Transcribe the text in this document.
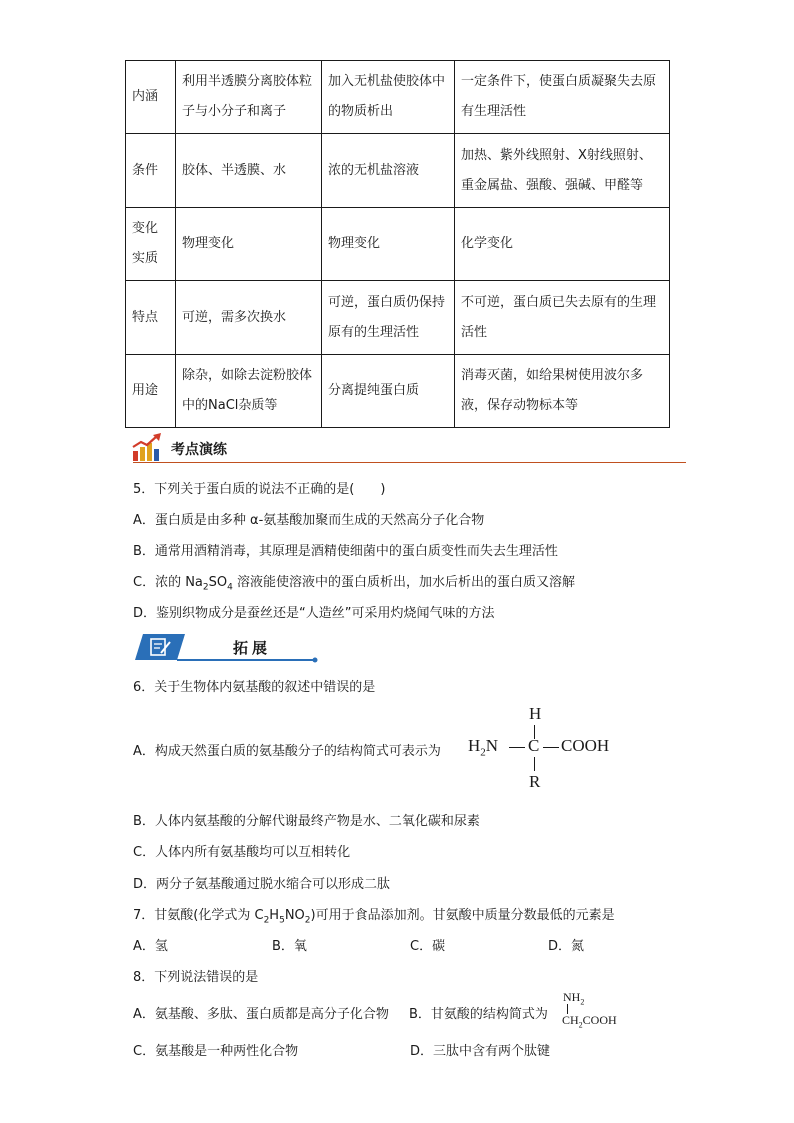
内涵	利用半透膜分离胶体粒子与小分子和离子	加入无机盐使胶体中的物质析出	一定条件下，使蛋白质凝聚失去原有生理活性
条件	胶体、半透膜、水	浓的无机盐溶液	加热、紫外线照射、X射线照射、重金属盐、强酸、强碱、甲醛等
变化实质	物理变化	物理变化	化学变化
特点	可逆，需多次换水	可逆，蛋白质仍保持原有的生理活性	不可逆，蛋白质已失去原有的生理活性
用途	除杂，如除去淀粉胶体中的NaCl杂质等	分离提纯蛋白质	消毒灭菌，如给果树使用波尔多液，保存动物标本等
考点演练
5．下列关于蛋白质的说法不正确的是(　　)
A．蛋白质是由多种 α-氨基酸加聚而生成的天然高分子化合物
B．通常用酒精消毒，其原理是酒精使细菌中的蛋白质变性而失去生理活性
C．浓的 $Na_2SO_4$ 溶液能使溶液中的蛋白质析出，加水后析出的蛋白质又溶解
D．鉴别织物成分是蚕丝还是“人造丝”可采用灼烧闻气味的方法
拓展
6．关于生物体内氨基酸的叙述中错误的是
A．构成天然蛋白质的氨基酸分子的结构简式可表示为
H
$H_2N$ C COOH
R
B．人体内氨基酸的分解代谢最终产物是水、二氧化碳和尿素
C．人体内所有氨基酸均可以互相转化
D．两分子氨基酸通过脱水缩合可以形成二肽
7．甘氨酸(化学式为 $C_2H_5NO_2$)可用于食品添加剂。甘氨酸中质量分数最低的元素是
A．氢	B．氧	C．碳	D．氮
8．下列说法错误的是
A．氨基酸、多肽、蛋白质都是高分子化合物 B．甘氨酸的结构简式为
$NH_2$
$CH_2COOH$
C．氨基酸是一种两性化合物	D．三肽中含有两个肽键
